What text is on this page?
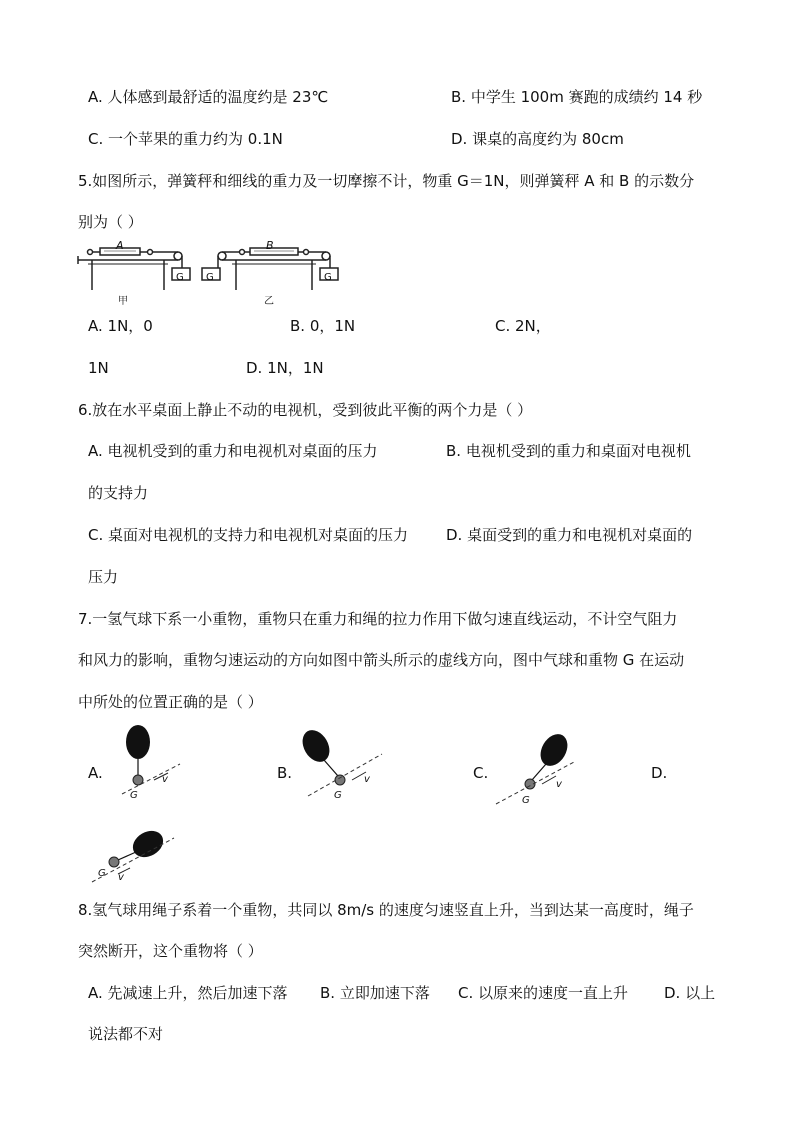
A. 人体感到最舒适的温度约是 23℃	B. 中学生 100m 赛跑的成绩约 14 秒
C. 一个苹果的重力约为 0.1N	D. 课桌的高度约为 80cm
5.如图所示，弹簧秤和细线的重力及一切摩擦不计，物重 G＝1N，则弹簧秤 A 和 B 的示数分
别为（ ）
A	B
G G	G
甲	乙
A. 1N，0	B. 0，1N	C. 2N，
1N	D. 1N，1N
6.放在水平桌面上静止不动的电视机，受到彼此平衡的两个力是（ ）
A. 电视机受到的重力和电视机对桌面的压力	B. 电视机受到的重力和桌面对电视机
的支持力
C. 桌面对电视机的支持力和电视机对桌面的压力	D. 桌面受到的重力和电视机对桌面的
压力
7.一氢气球下系一小重物，重物只在重力和绳的拉力作用下做匀速直线运动，不计空气阻力
和风力的影响，重物匀速运动的方向如图中箭头所示的虚线方向，图中气球和重物 G 在运动
中所处的位置正确的是（ ）
A.
G
v	B.
G
v	C.
G
v
D.
G v
8.氢气球用绳子系着一个重物，共同以 8m/s 的速度匀速竖直上升，当到达某一高度时，绳子
突然断开，这个重物将（ ）
A. 先减速上升，然后加速下落 B. 立即加速下落 C. 以原来的速度一直上升 D. 以上
说法都不对
